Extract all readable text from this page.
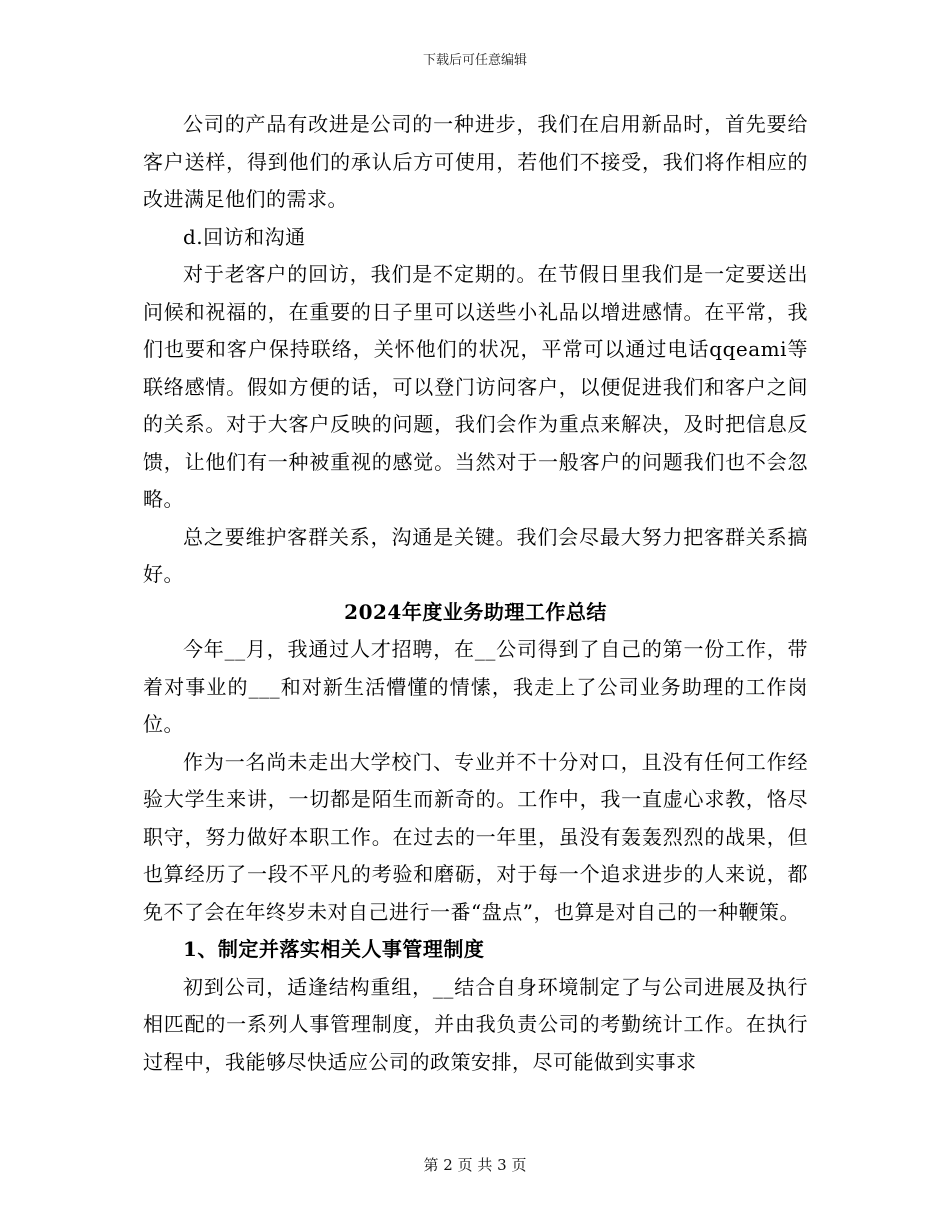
下载后可任意编辑

公司的产品有改进是公司的一种进步，我们在启用新品时，首先要给客户送样，得到他们的承认后方可使用，若他们不接受，我们将作相应的改进满足他们的需求。

d.回访和沟通

对于老客户的回访，我们是不定期的。在节假日里我们是一定要送出问候和祝福的，在重要的日子里可以送些小礼品以增进感情。在平常，我们也要和客户保持联络，关怀他们的状况，平常可以通过电话qqeami等联络感情。假如方便的话，可以登门访问客户，以便促进我们和客户之间的关系。对于大客户反映的问题，我们会作为重点来解决，及时把信息反馈，让他们有一种被重视的感觉。当然对于一般客户的问题我们也不会忽略。

总之要维护客群关系，沟通是关键。我们会尽最大努力把客群关系搞好。

2024年度业务助理工作总结

今年__月，我通过人才招聘，在__公司得到了自己的第一份工作，带着对事业的___和对新生活懵懂的情愫，我走上了公司业务助理的工作岗位。

作为一名尚未走出大学校门、专业并不十分对口，且没有任何工作经验大学生来讲，一切都是陌生而新奇的。工作中，我一直虚心求教，恪尽职守，努力做好本职工作。在过去的一年里，虽没有轰轰烈烈的战果，但也算经历了一段不平凡的考验和磨砺，对于每一个追求进步的人来说，都免不了会在年终岁未对自己进行一番“盘点”，也算是对自己的一种鞭策。

1、制定并落实相关人事管理制度

初到公司，适逢结构重组，__结合自身环境制定了与公司进展及执行相匹配的一系列人事管理制度，并由我负责公司的考勤统计工作。在执行过程中，我能够尽快适应公司的政策安排，尽可能做到实事求

第 2 页 共 3 页
